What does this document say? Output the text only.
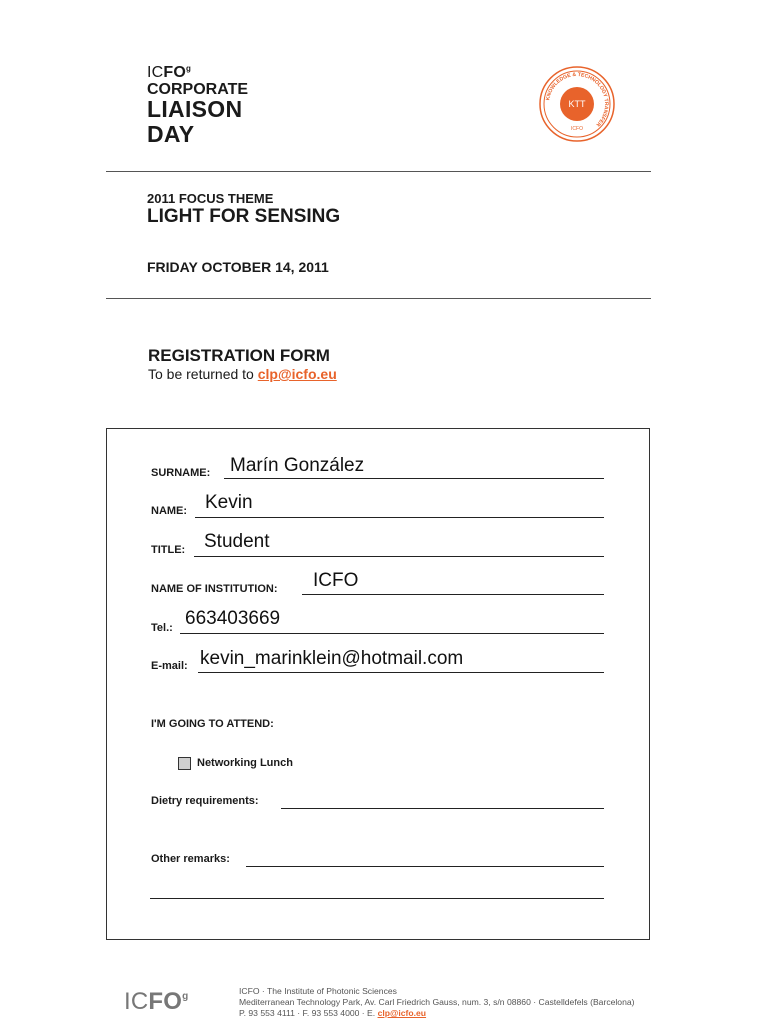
ICFO$^g$
CORPORATE
LIAISON
DAY
KNOWLEDGE & TECHNOLOGY TRANSFER
KTT
ICFO
2011 FOCUS THEME
LIGHT FOR SENSING
FRIDAY OCTOBER 14, 2011
REGISTRATION FORM
To be returned to clp@icfo.eu
SURNAME: Marín González
NAME: Kevin
TITLE: Student
NAME OF INSTITUTION: ICFO
Tel.: 663403669
E-mail: kevin_marinklein@hotmail.com
I'M GOING TO ATTEND:
Networking Lunch
Dietry requirements:
Other remarks:
ICFO$^g$	ICFO · The Institute of Photonic Sciences
Mediterranean Technology Park, Av. Carl Friedrich Gauss, num. 3, s/n 08860 · Castelldefels (Barcelona)
P. 93 553 4111 · F. 93 553 4000 · E. clp@icfo.eu
